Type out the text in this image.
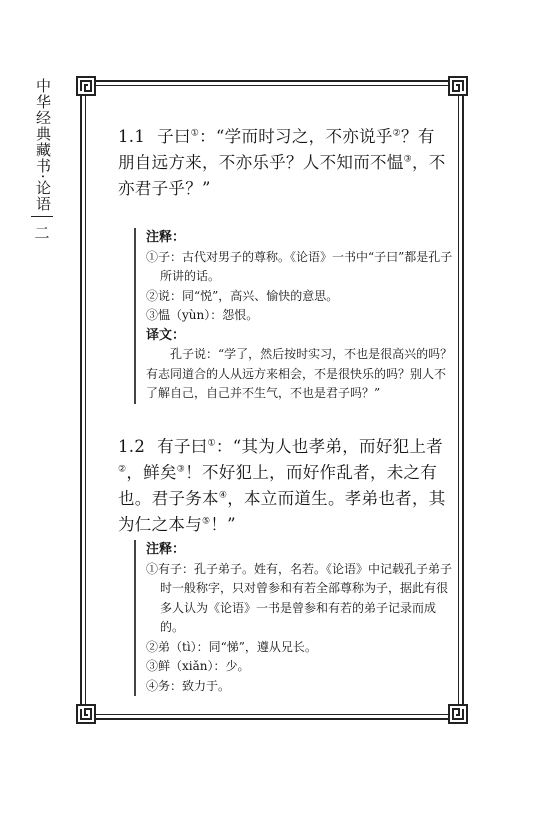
中华经典藏书·论语
二
1.1 子曰①：“学而时习之，不亦说乎②？有朋自远方来，不亦乐乎？人不知而不愠③，不亦君子乎？”
注释：
①子：古代对男子的尊称。《论语》一书中“子曰”都是孔子所讲的话。
②说：同“悦”，高兴、愉快的意思。
③愠（yùn）：怨恨。
译文：
孔子说：“学了，然后按时实习，不也是很高兴的吗？有志同道合的人从远方来相会，不是很快乐的吗？别人不了解自己，自己并不生气，不也是君子吗？”
1.2 有子曰①：“其为人也孝弟，而好犯上者②，鲜矣③！不好犯上，而好作乱者，未之有也。君子务本④，本立而道生。孝弟也者，其为仁之本与⑤！”
注释：
①有子：孔子弟子。姓有，名若。《论语》中记载孔子弟子时一般称字，只对曾参和有若全部尊称为子，据此有很多人认为《论语》一书是曾参和有若的弟子记录而成的。
②弟（tì）：同“悌”，遵从兄长。
③鲜（xiǎn）：少。
④务：致力于。
